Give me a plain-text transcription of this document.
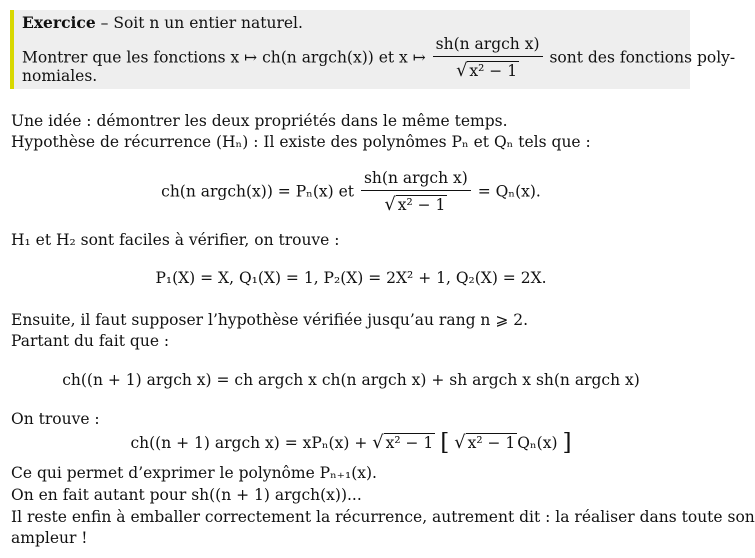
Exercice – Soit n un entier naturel.
Montrer que les fonctions x ↦ ch(n argch(x)) et x ↦ $\frac{\text{sh(n argch x)}}{\text{√ x² − 1}}$ sont des fonctions poly-
nomiales.
Une idée : démontrer les deux propriétés dans le même temps.
Hypothèse de récurrence (Hₙ) : Il existe des polynômes Pₙ et Qₙ tels que :
ch(n argch(x)) = Pₙ(x) et $\frac{\text{sh(n argch x)}}{\text{√ x² − 1}} = Q_n(x)$.
H₁ et H₂ sont faciles à vérifier, on trouve :
P₁(X) = X, Q₁(X) = 1, P₂(X) = 2X² + 1, Q₂(X) = 2X.
Ensuite, il faut supposer l’hypothèse vérifiée jusqu’au rang n ⩾ 2.
Partant du fait que :
ch((n + 1) argch x) = ch argch x ch(n argch x) + sh argch x sh(n argch x)
On trouve :
ch((n + 1) argch x) = xPₙ(x) + √ x² − 1 [ √ x² − 1 Qₙ(x) ]
Ce qui permet d’exprimer le polynôme Pₙ₊₁(x).
On en fait autant pour sh((n + 1) argch(x))...
Il reste enfin à emballer correctement la récurrence, autrement dit : la réaliser dans toute son
ampleur !
